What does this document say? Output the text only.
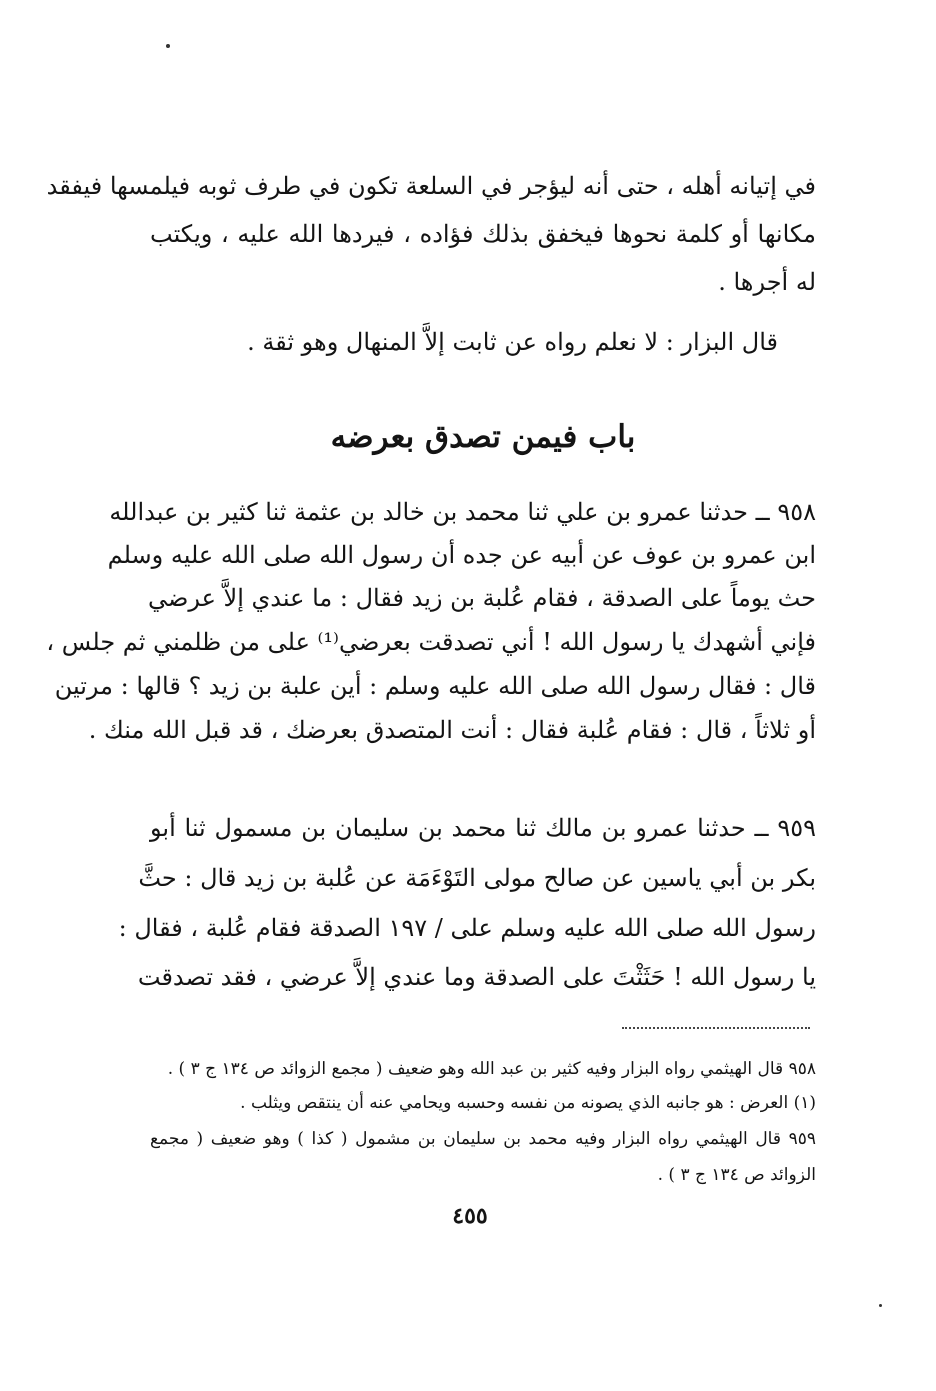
في إتيانه أهله ، حتى أنه ليؤجر في السلعة تكون في طرف ثوبه فيلمسها فيفقد
مكانها أو كلمة نحوها فيخفق بذلك فؤاده ، فيردها الله عليه ، ويكتب
له أجرها .
قال البزار : لا نعلم رواه عن ثابت إلاَّ المنهال وهو ثقة .
باب فيمن تصدق بعرضه
٩٥٨ ــ حدثنا عمرو بن علي ثنا محمد بن خالد بن عثمة ثنا كثير بن عبدالله
ابن عمرو بن عوف عن أبيه عن جده أن رسول الله صلى الله عليه وسلم
حث يوماً على الصدقة ، فقام عُلبة بن زيد فقال : ما عندي إلاَّ عرضي
فإني أشهدك يا رسول الله ! أني تصدقت بعرضي⁽¹⁾ على من ظلمني ثم جلس ،
قال : فقال رسول الله صلى الله عليه وسلم : أين علبة بن زيد ؟ قالها : مرتين
أو ثلاثاً ، قال : فقام عُلبة فقال : أنت المتصدق بعرضك ، قد قبل الله منك .
٩٥٩ ــ حدثنا عمرو بن مالك ثنا محمد بن سليمان بن مسمول ثنا أبو
بكر بن أبي ياسين عن صالح مولى التَوْءَمَة عن عُلبة بن زيد قال : حثَّ
رسول الله صلى الله عليه وسلم على / ١٩٧ الصدقة فقام عُلبة ، فقال :
يا رسول الله ! حَثَثْتَ على الصدقة وما عندي إلاَّ عرضي ، فقد تصدقت
٩٥٨ قال الهيثمي رواه البزار وفيه كثير بن عبد الله وهو ضعيف ( مجمع الزوائد ص ١٣٤ ج ٣ ) .
(١) العرض : هو جانبه الذي يصونه من نفسه وحسبه ويحامي عنه أن ينتقص ويثلب .
٩٥٩ قال الهيثمي رواه البزار وفيه محمد بن سليمان بن مشمول ( كذا ) وهو ضعيف ( مجمع
الزوائد ص ١٣٤ ج ٣ ) .
٤٥٥
